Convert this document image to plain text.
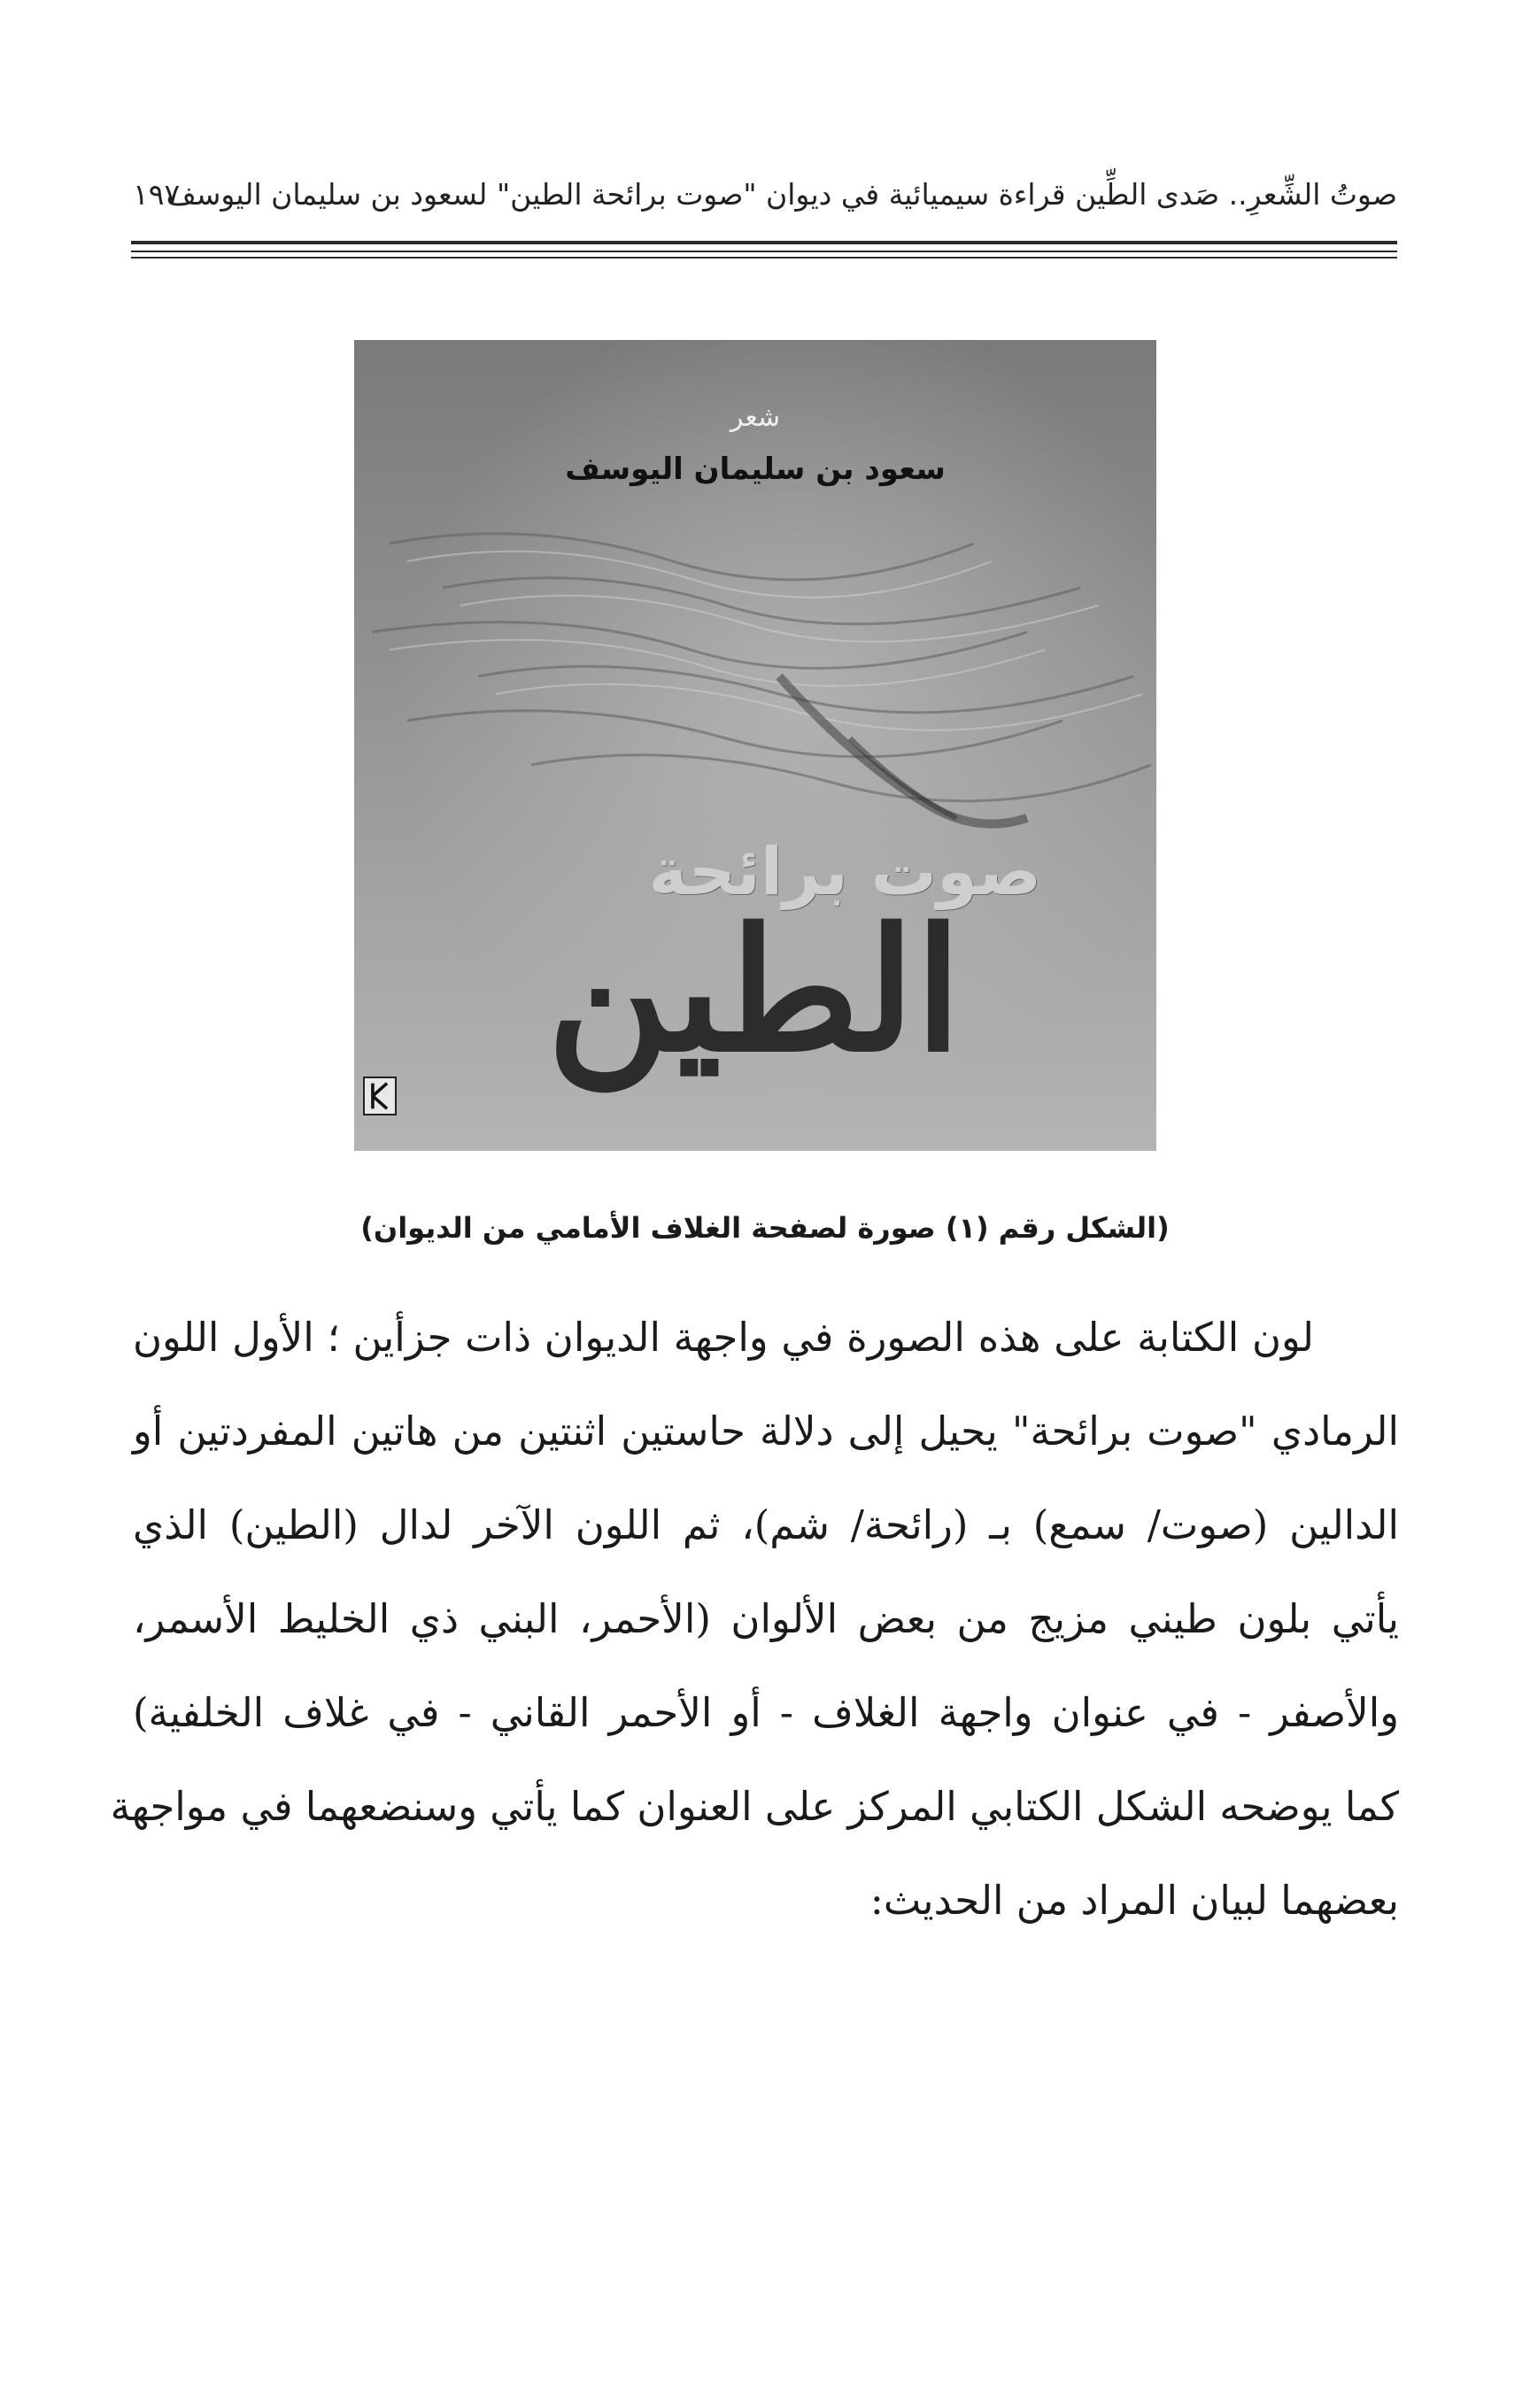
صوتُ الشِّعرِ.. صَدى الطِّين قراءة سيميائية في ديوان "صوت برائحة الطين" لسعود بن سليمان اليوسف
١٩٧
شعر
سعود بن سليمان اليوسف
صوت برائحة
الطين
(الشكل رقم (١) صورة لصفحة الغلاف الأمامي من الديوان)
لون الكتابة على هذه الصورة في واجهة الديوان ذات جزأين ؛ الأول اللون
الرمادي "صوت برائحة" يحيل إلى دلالة حاستين اثنتين من هاتين المفردتين أو
الدالين (صوت/ سمع) بـ (رائحة/ شم)، ثم اللون الآخر لدال (الطين) الذي
يأتي بلون طيني مزيج من بعض الألوان (الأحمر، البني ذي الخليط الأسمر،
والأصفر - في عنوان واجهة الغلاف - أو الأحمر القاني - في غلاف الخلفية)
كما يوضحه الشكل الكتابي المركز على العنوان كما يأتي وسنضعهما في مواجهة
بعضهما لبيان المراد من الحديث:
